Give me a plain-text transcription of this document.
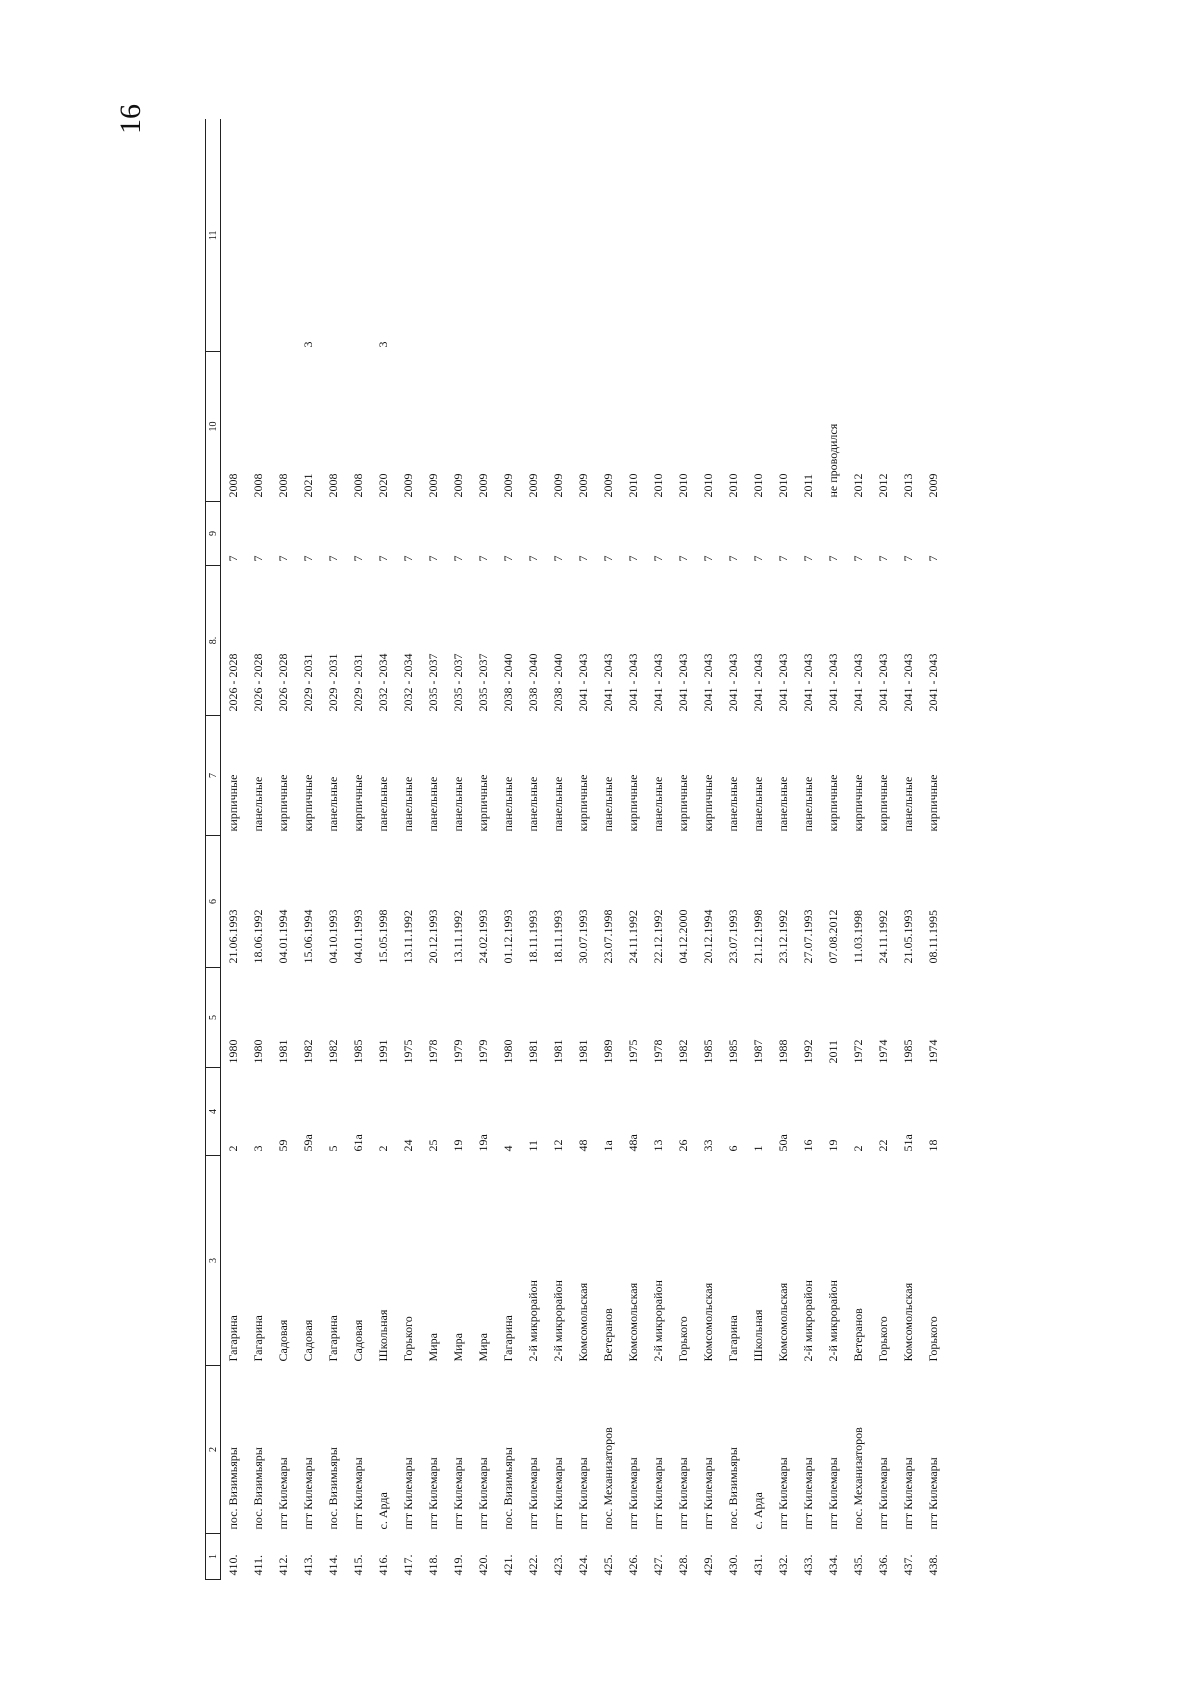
16
1	2	3	4	5	6	7	8.	9	10	11
410.	пос. Визимьяры	Гагарина	2	1980	21.06.1993	кирпичные	2026 - 2028	7	2008	
411.	пос. Визимьяры	Гагарина	3	1980	18.06.1992	панельные	2026 - 2028	7	2008	
412.	пгт Килемары	Садовая	59	1981	04.01.1994	кирпичные	2026 - 2028	7	2008	
413.	пгт Килемары	Садовая	59а	1982	15.06.1994	кирпичные	2029 - 2031	7	2021	3
414.	пос. Визимьяры	Гагарина	5	1982	04.10.1993	панельные	2029 - 2031	7	2008	
415.	пгт Килемары	Садовая	61а	1985	04.01.1993	кирпичные	2029 - 2031	7	2008	
416.	с. Арда	Школьная	2	1991	15.05.1998	панельные	2032 - 2034	7	2020	3
417.	пгт Килемары	Горького	24	1975	13.11.1992	панельные	2032 - 2034	7	2009	
418.	пгт Килемары	Мира	25	1978	20.12.1993	панельные	2035 - 2037	7	2009	
419.	пгт Килемары	Мира	19	1979	13.11.1992	панельные	2035 - 2037	7	2009	
420.	пгт Килемары	Мира	19а	1979	24.02.1993	кирпичные	2035 - 2037	7	2009	
421.	пос. Визимьяры	Гагарина	4	1980	01.12.1993	панельные	2038 - 2040	7	2009	
422.	пгт Килемары	2-й микрорайон	11	1981	18.11.1993	панельные	2038 - 2040	7	2009	
423.	пгт Килемары	2-й микрорайон	12	1981	18.11.1993	панельные	2038 - 2040	7	2009	
424.	пгт Килемары	Комсомольская	48	1981	30.07.1993	кирпичные	2041 - 2043	7	2009	
425.	пос. Механизаторов	Ветеранов	1а	1989	23.07.1998	панельные	2041 - 2043	7	2009	
426.	пгт Килемары	Комсомольская	48а	1975	24.11.1992	кирпичные	2041 - 2043	7	2010	
427.	пгт Килемары	2-й микрорайон	13	1978	22.12.1992	панельные	2041 - 2043	7	2010	
428.	пгт Килемары	Горького	26	1982	04.12.2000	кирпичные	2041 - 2043	7	2010	
429.	пгт Килемары	Комсомольская	33	1985	20.12.1994	кирпичные	2041 - 2043	7	2010	
430.	пос. Визимьяры	Гагарина	6	1985	23.07.1993	панельные	2041 - 2043	7	2010	
431.	с. Арда	Школьная	1	1987	21.12.1998	панельные	2041 - 2043	7	2010	
432.	пгт Килемары	Комсомольская	50а	1988	23.12.1992	панельные	2041 - 2043	7	2010	
433.	пгт Килемары	2-й микрорайон	16	1992	27.07.1993	панельные	2041 - 2043	7	2011	
434.	пгт Килемары	2-й микрорайон	19	2011	07.08.2012	кирпичные	2041 - 2043	7	не проводился	
435.	пос. Механизаторов	Ветеранов	2	1972	11.03.1998	кирпичные	2041 - 2043	7	2012	
436.	пгт Килемары	Горького	22	1974	24.11.1992	кирпичные	2041 - 2043	7	2012	
437.	пгт Килемары	Комсомольская	51а	1985	21.05.1993	панельные	2041 - 2043	7	2013	
438.	пгт Килемары	Горького	18	1974	08.11.1995	кирпичные	2041 - 2043	7	2009	
